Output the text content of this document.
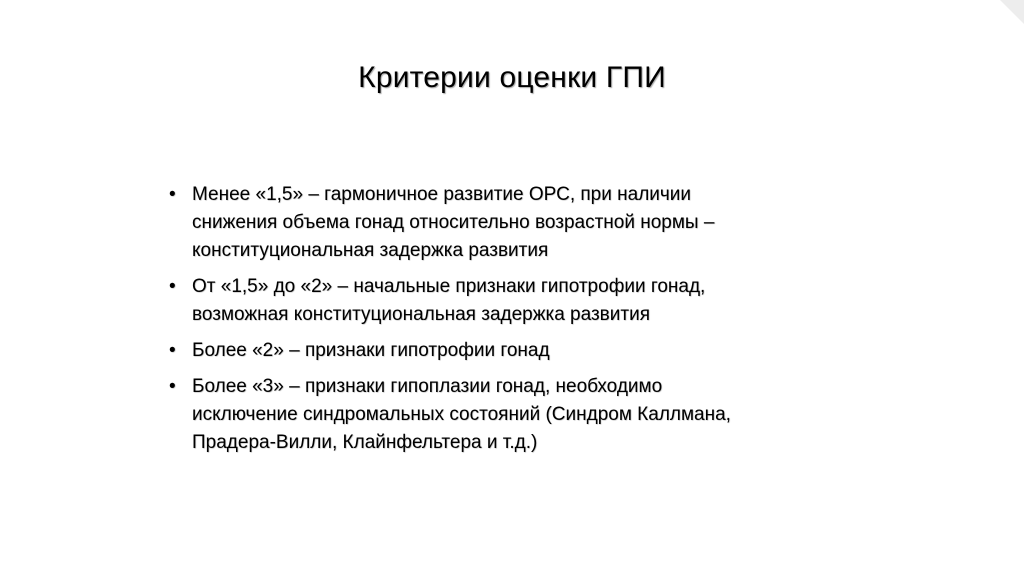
Критерии оценки ГПИ
• Менее «1,5» – гармоничное развитие ОРС, при наличии
снижения объема гонад относительно возрастной нормы –
конституциональная задержка развития
• От «1,5» до «2» – начальные признаки гипотрофии гонад,
возможная конституциональная задержка развития
• Более «2» – признаки гипотрофии гонад
• Более «3» – признаки гипоплазии гонад, необходимо
исключение синдромальных состояний (Синдром Каллмана,
Прадера-Вилли, Клайнфельтера и т.д.)
